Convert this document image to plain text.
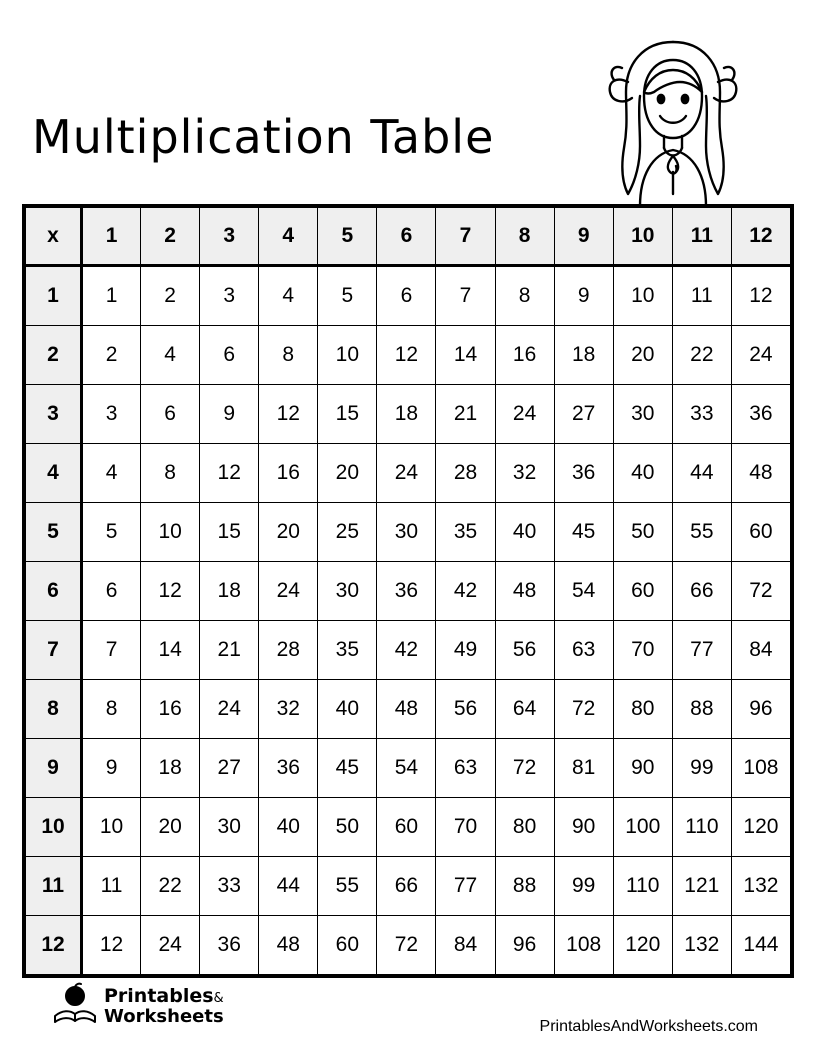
Multiplication Table
x	1	2	3	4	5	6	7	8	9	10	11	12
1	1	2	3	4	5	6	7	8	9	10	11	12
2	2	4	6	8	10	12	14	16	18	20	22	24
3	3	6	9	12	15	18	21	24	27	30	33	36
4	4	8	12	16	20	24	28	32	36	40	44	48
5	5	10	15	20	25	30	35	40	45	50	55	60
6	6	12	18	24	30	36	42	48	54	60	66	72
7	7	14	21	28	35	42	49	56	63	70	77	84
8	8	16	24	32	40	48	56	64	72	80	88	96
9	9	18	27	36	45	54	63	72	81	90	99	108
10	10	20	30	40	50	60	70	80	90	100	110	120
11	11	22	33	44	55	66	77	88	99	110	121	132
12	12	24	36	48	60	72	84	96	108	120	132	144
Printables&
Worksheets	PrintablesAndWorksheets.com
